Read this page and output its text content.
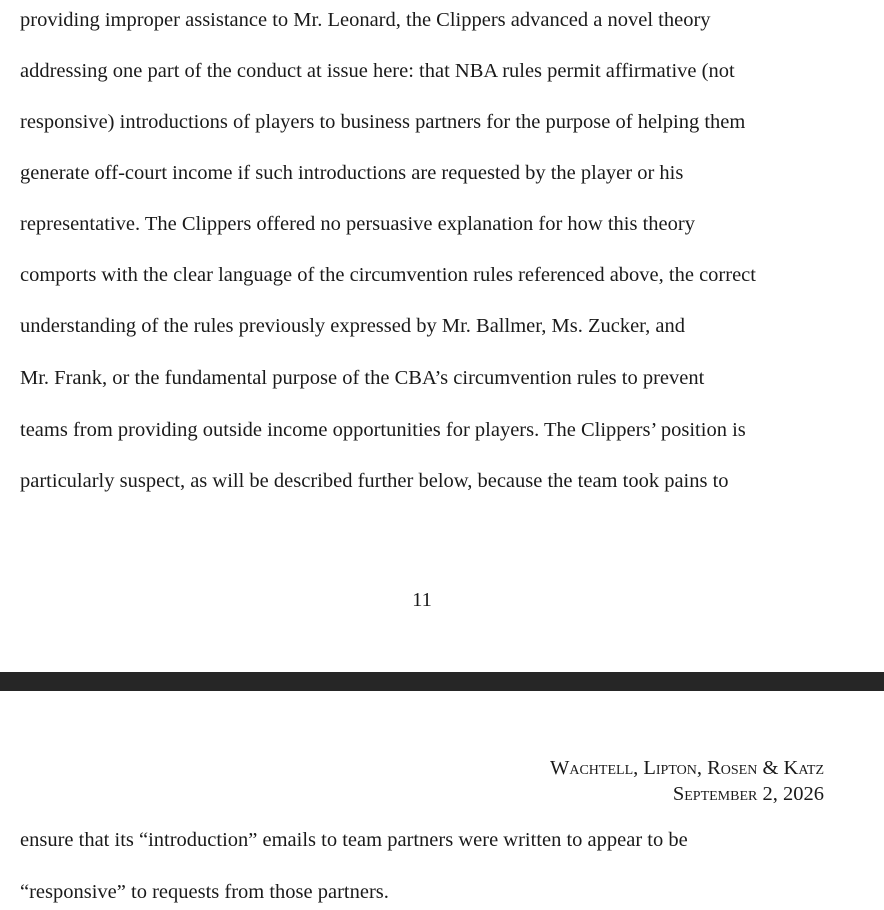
providing improper assistance to Mr. Leonard, the Clippers advanced a novel theory
addressing one part of the conduct at issue here: that NBA rules permit affirmative (not
responsive) introductions of players to business partners for the purpose of helping them
generate off-court income if such introductions are requested by the player or his
representative. The Clippers offered no persuasive explanation for how this theory
comports with the clear language of the circumvention rules referenced above, the correct
understanding of the rules previously expressed by Mr. Ballmer, Ms. Zucker, and
Mr. Frank, or the fundamental purpose of the CBA’s circumvention rules to prevent
teams from providing outside income opportunities for players. The Clippers’ position is
particularly suspect, as will be described further below, because the team took pains to
11
Wachtell, Lipton, Rosen & Katz
September 2, 2026
ensure that its “introduction” emails to team partners were written to appear to be
“responsive” to requests from those partners.
